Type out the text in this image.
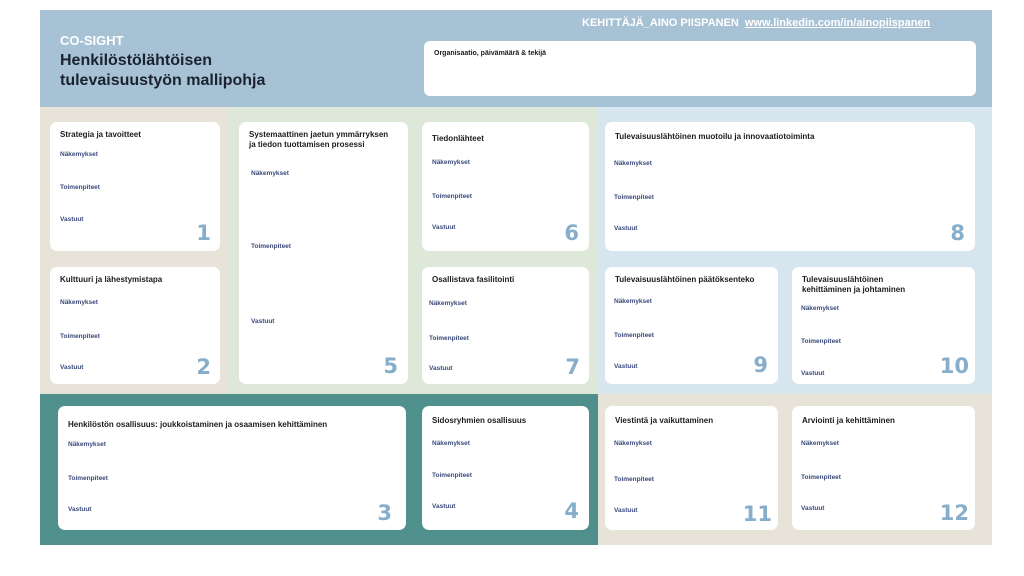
CO-SIGHT
Henkilöstölähtöisen
tulevaisuustyön mallipohja
KEHITTÄJÄ_AINO PIISPANEN www.linkedin.com/in/ainopiispanen
Organisaatio, päivämäärä & tekijä
Strategia ja tavoitteet
Näkemykset
Toimenpiteet
Vastuut
1
Kulttuuri ja lähestymistapa
Näkemykset
Toimenpiteet
Vastuut	2
Systemaattinen jaetun ymmärryksen
ja tiedon tuottamisen prosessi
Näkemykset
Toimenpiteet
Vastuut
5
Tiedonlähteet
Näkemykset
Toimenpiteet
Vastuut	6
Osallistava fasilitointi
Näkemykset
Toimenpiteet
Vastuut	7
Tulevaisuuslähtöinen muotoilu ja innovaatiotoiminta
Näkemykset
Toimenpiteet
Vastuut	8
Tulevaisuuslähtöinen päätöksenteko
Näkemykset
Toimenpiteet
Vastuut	9
Tulevaisuuslähtöinen
kehittäminen ja johtaminen
Näkemykset
Toimenpiteet
Vastuut	10
Henkilöstön osallisuus: joukkoistaminen ja osaamisen kehittäminen
Näkemykset
Toimenpiteet
Vastuut	3
Sidosryhmien osallisuus
Näkemykset
Toimenpiteet
Vastuut	4
Viestintä ja vaikuttaminen
Näkemykset
Toimenpiteet
Vastuut	11
Arviointi ja kehittäminen
Näkemykset
Toimenpiteet
Vastuut	12
